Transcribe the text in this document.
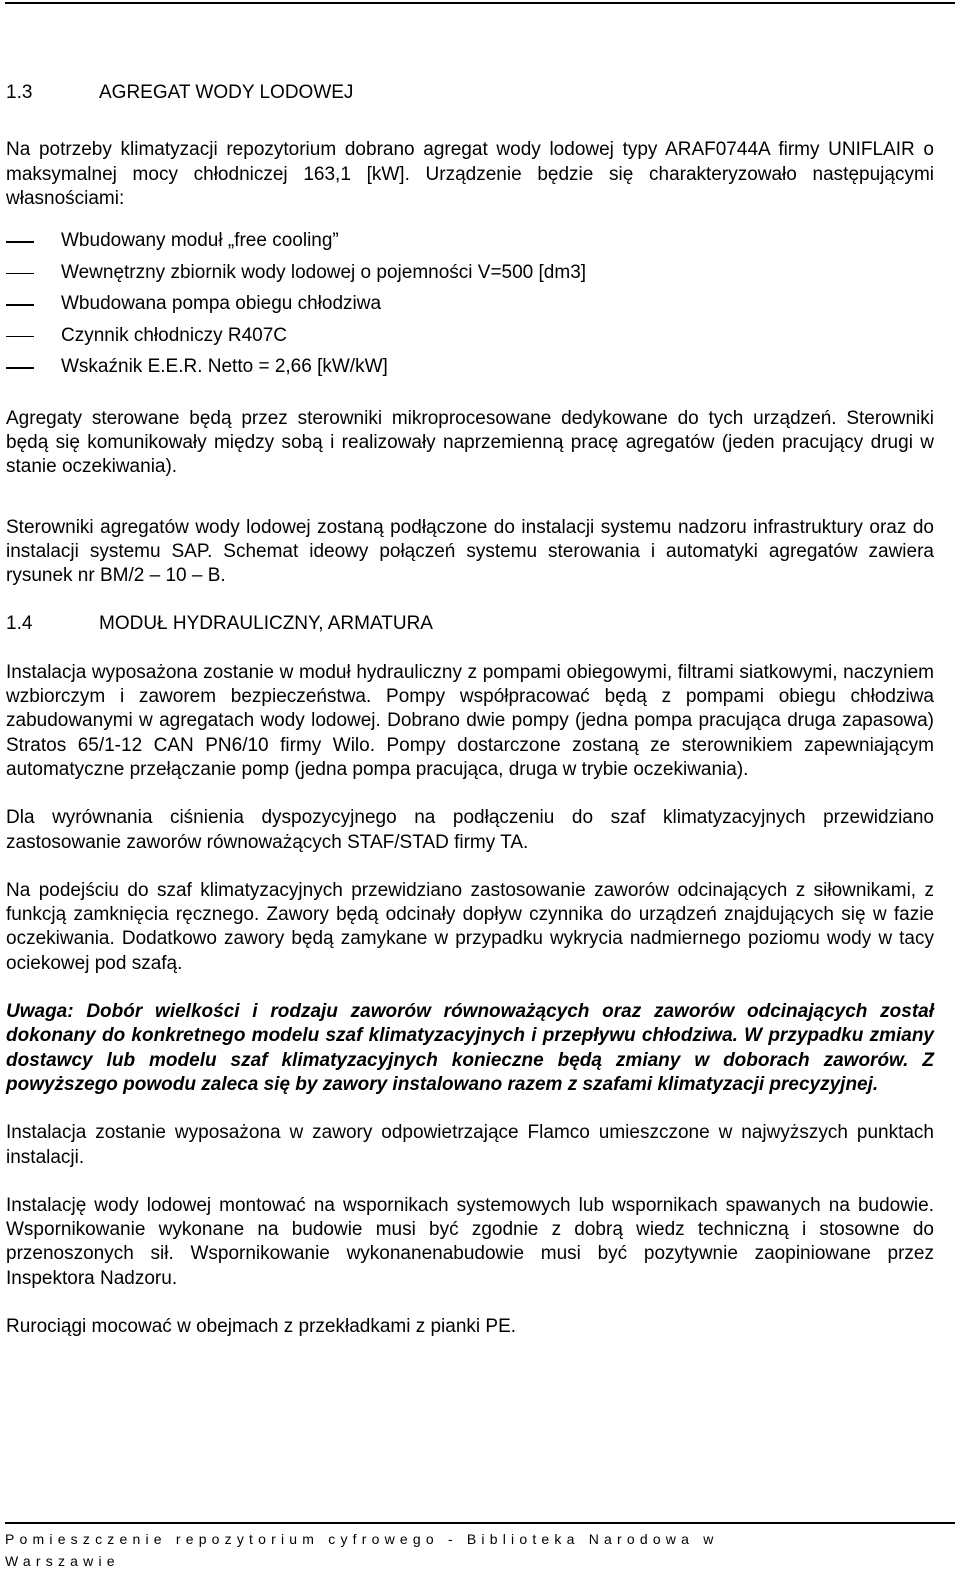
1.3	AGREGAT WODY LODOWEJ

Na potrzeby klimatyzacji repozytorium dobrano agregat wody lodowej typy ARAF0744A firmy UNIFLAIR o maksymalnej mocy chłodniczej 163,1 [kW]. Urządzenie będzie się charakteryzowało następującymi własnościami:

Wbudowany moduł „free cooling”
Wewnętrzny zbiornik wody lodowej o pojemności V=500 [dm3]
Wbudowana pompa obiegu chłodziwa
Czynnik chłodniczy R407C
Wskaźnik E.E.R. Netto = 2,66 [kW/kW]

Agregaty sterowane będą przez sterowniki mikroprocesowane dedykowane do tych urządzeń. Sterowniki będą się komunikowały między sobą i realizowały naprzemienną pracę agregatów (jeden pracujący drugi w stanie oczekiwania).

Sterowniki agregatów wody lodowej zostaną podłączone do instalacji systemu nadzoru infrastruktury oraz do instalacji systemu SAP. Schemat ideowy połączeń systemu sterowania i automatyki agregatów zawiera rysunek nr BM/2 – 10 – B.

1.4	MODUŁ HYDRAULICZNY, ARMATURA

Instalacja wyposażona zostanie w moduł hydrauliczny z pompami obiegowymi, filtrami siatkowymi, naczyniem wzbiorczym i zaworem bezpieczeństwa. Pompy współpracować będą z pompami obiegu chłodziwa zabudowanymi w agregatach wody lodowej. Dobrano dwie pompy (jedna pompa pracująca druga zapasowa) Stratos 65/1-12 CAN PN6/10 firmy Wilo. Pompy dostarczone zostaną ze sterownikiem zapewniającym automatyczne przełączanie pomp (jedna pompa pracująca, druga w trybie oczekiwania).

Dla wyrównania ciśnienia dyspozycyjnego na podłączeniu do szaf klimatyzacyjnych przewidziano zastosowanie zaworów równoważących STAF/STAD firmy TA.

Na podejściu do szaf klimatyzacyjnych przewidziano zastosowanie zaworów odcinających z siłownikami, z funkcją zamknięcia ręcznego. Zawory będą odcinały dopływ czynnika do urządzeń znajdujących się w fazie oczekiwania. Dodatkowo zawory będą zamykane w przypadku wykrycia nadmiernego poziomu wody w tacy ociekowej pod szafą.

Uwaga: Dobór wielkości i rodzaju zaworów równoważących oraz zaworów odcinających został dokonany do konkretnego modelu szaf klimatyzacyjnych i przepływu chłodziwa. W przypadku zmiany dostawcy lub modelu szaf klimatyzacyjnych konieczne będą zmiany w doborach zaworów. Z powyższego powodu zaleca się by zawory instalowano razem z szafami klimatyzacji precyzyjnej.

Instalacja zostanie wyposażona w zawory odpowietrzające Flamco umieszczone w najwyższych punktach instalacji.

Instalację wody lodowej montować na wspornikach systemowych lub wspornikach spawanych na budowie. Wspornikowanie wykonane na budowie musi być zgodnie z dobrą wiedz techniczną i stosowne do przenoszonych sił. Wspornikowanie wykonanenabudowie musi być pozytywnie zaopiniowane przez Inspektora Nadzoru.

Rurociągi mocować w obejmach z przekładkami z pianki PE.

Pomieszczenie repozytorium cyfrowego - Biblioteka Narodowa w Warszawie
